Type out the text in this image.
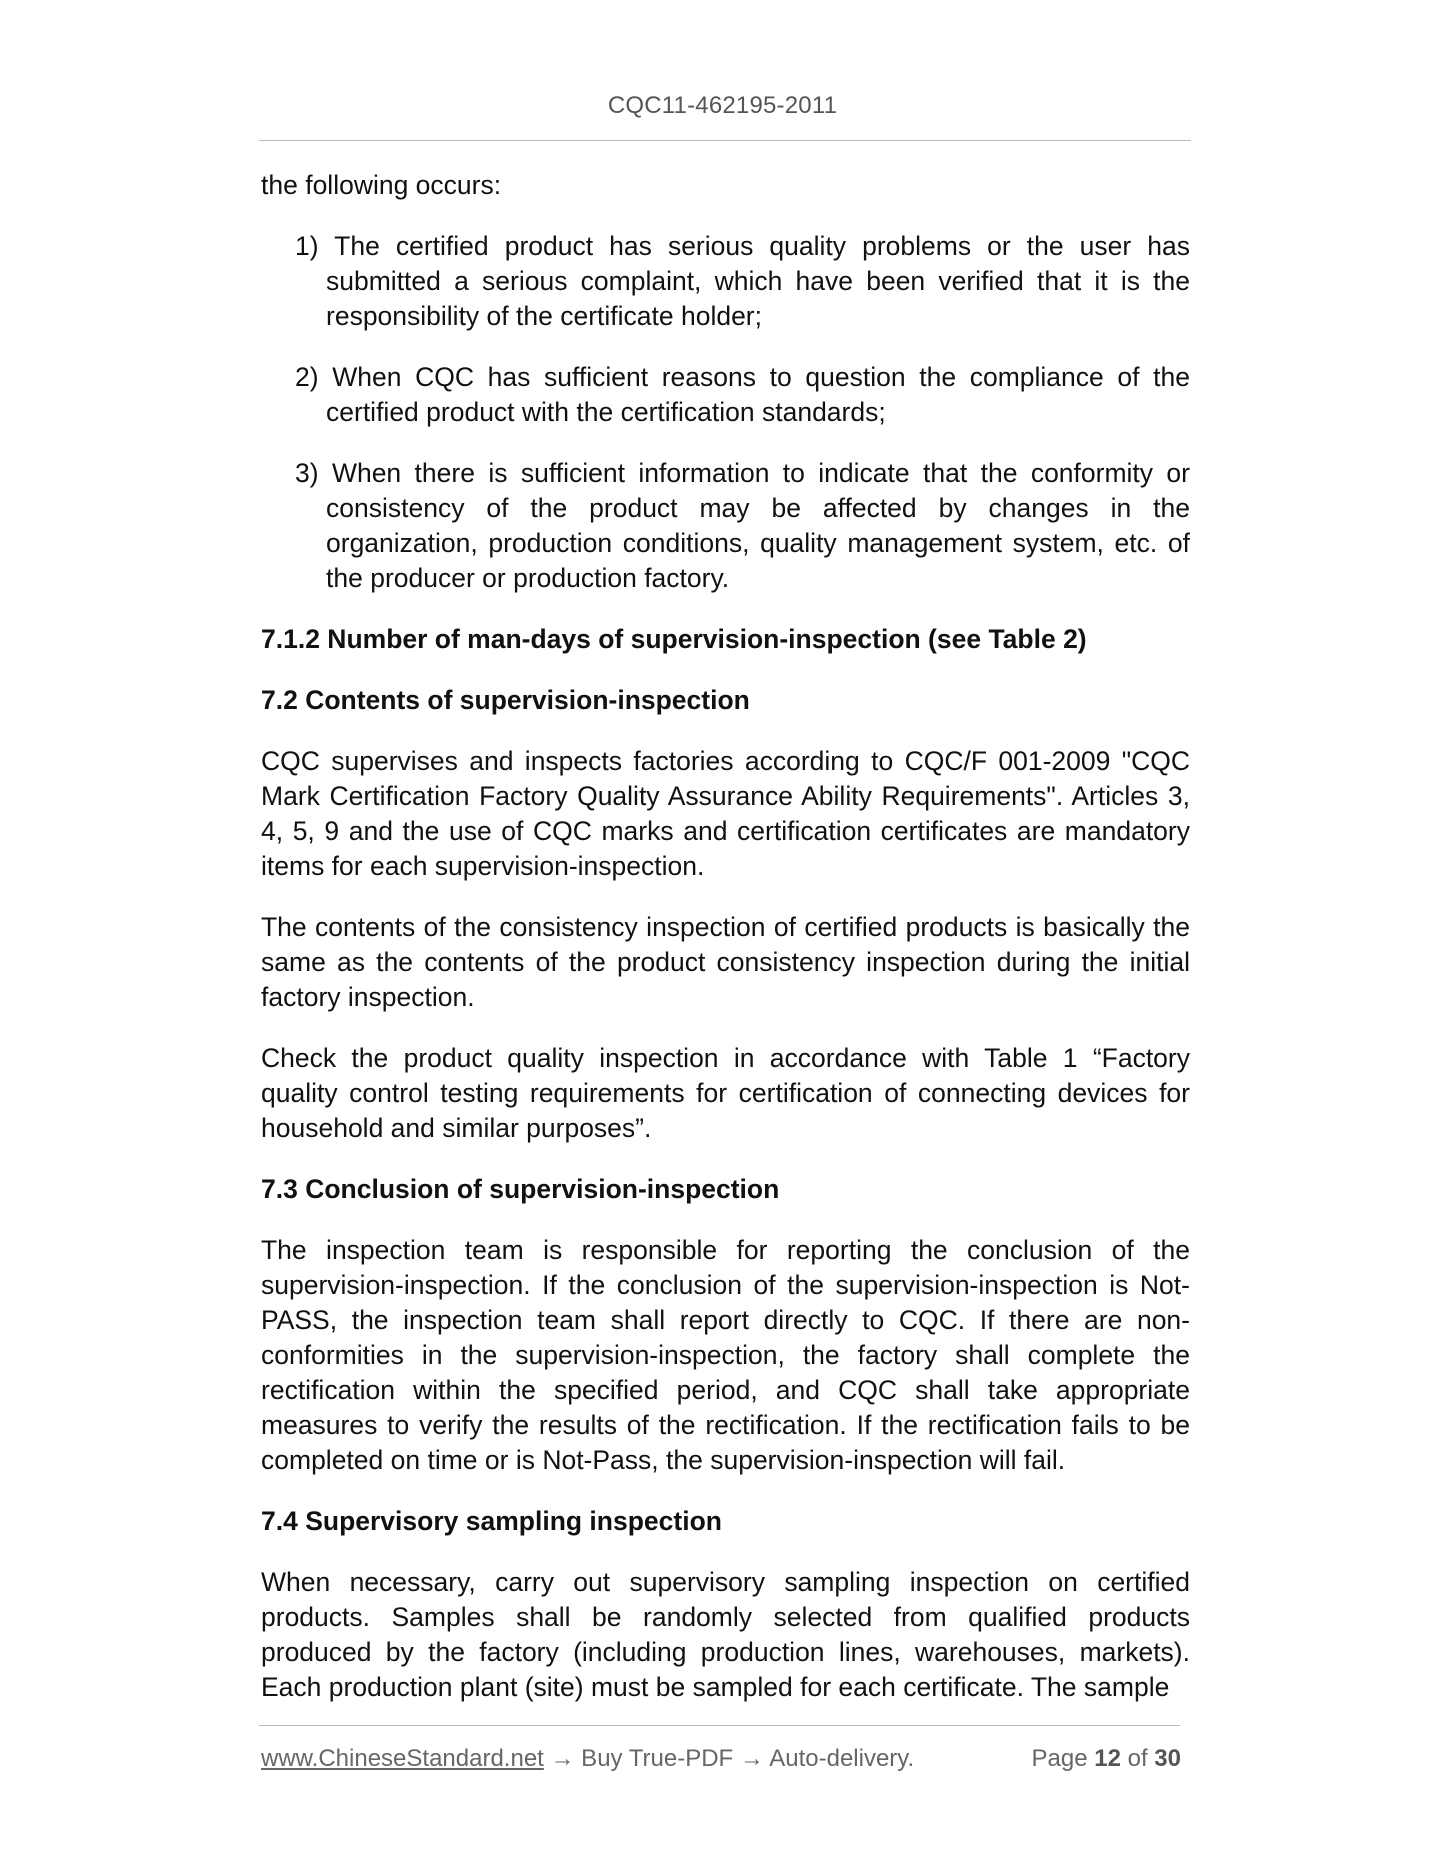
CQC11-462195-2011

the following occurs:

1) The certified product has serious quality problems or the user has submitted a serious complaint, which have been verified that it is the responsibility of the certificate holder;
2) When CQC has sufficient reasons to question the compliance of the certified product with the certification standards;
3) When there is sufficient information to indicate that the conformity or consistency of the product may be affected by changes in the organization, production conditions, quality management system, etc. of the producer or production factory.
7.1.2 Number of man-days of supervision-inspection (see Table 2)
7.2 Contents of supervision-inspection

CQC supervises and inspects factories according to CQC/F 001-2009 "CQC Mark Certification Factory Quality Assurance Ability Requirements". Articles 3, 4, 5, 9 and the use of CQC marks and certification certificates are mandatory items for each supervision-inspection.

The contents of the consistency inspection of certified products is basically the same as the contents of the product consistency inspection during the initial factory inspection.

Check the product quality inspection in accordance with Table 1 “Factory quality control testing requirements for certification of connecting devices for household and similar purposes”.

7.3 Conclusion of supervision-inspection

The inspection team is responsible for reporting the conclusion of the supervision-inspection. If the conclusion of the supervision-inspection is Not-PASS, the inspection team shall report directly to CQC. If there are non-conformities in the supervision-inspection, the factory shall complete the rectification within the specified period, and CQC shall take appropriate measures to verify the results of the rectification. If the rectification fails to be completed on time or is Not-Pass, the supervision-inspection will fail.

7.4 Supervisory sampling inspection

When necessary, carry out supervisory sampling inspection on certified products. Samples shall be randomly selected from qualified products produced by the factory (including production lines, warehouses, markets). Each production plant (site) must be sampled for each certificate. The sample

www.ChineseStandard.net → Buy True-PDF → Auto-delivery.	Page 12 of 30
